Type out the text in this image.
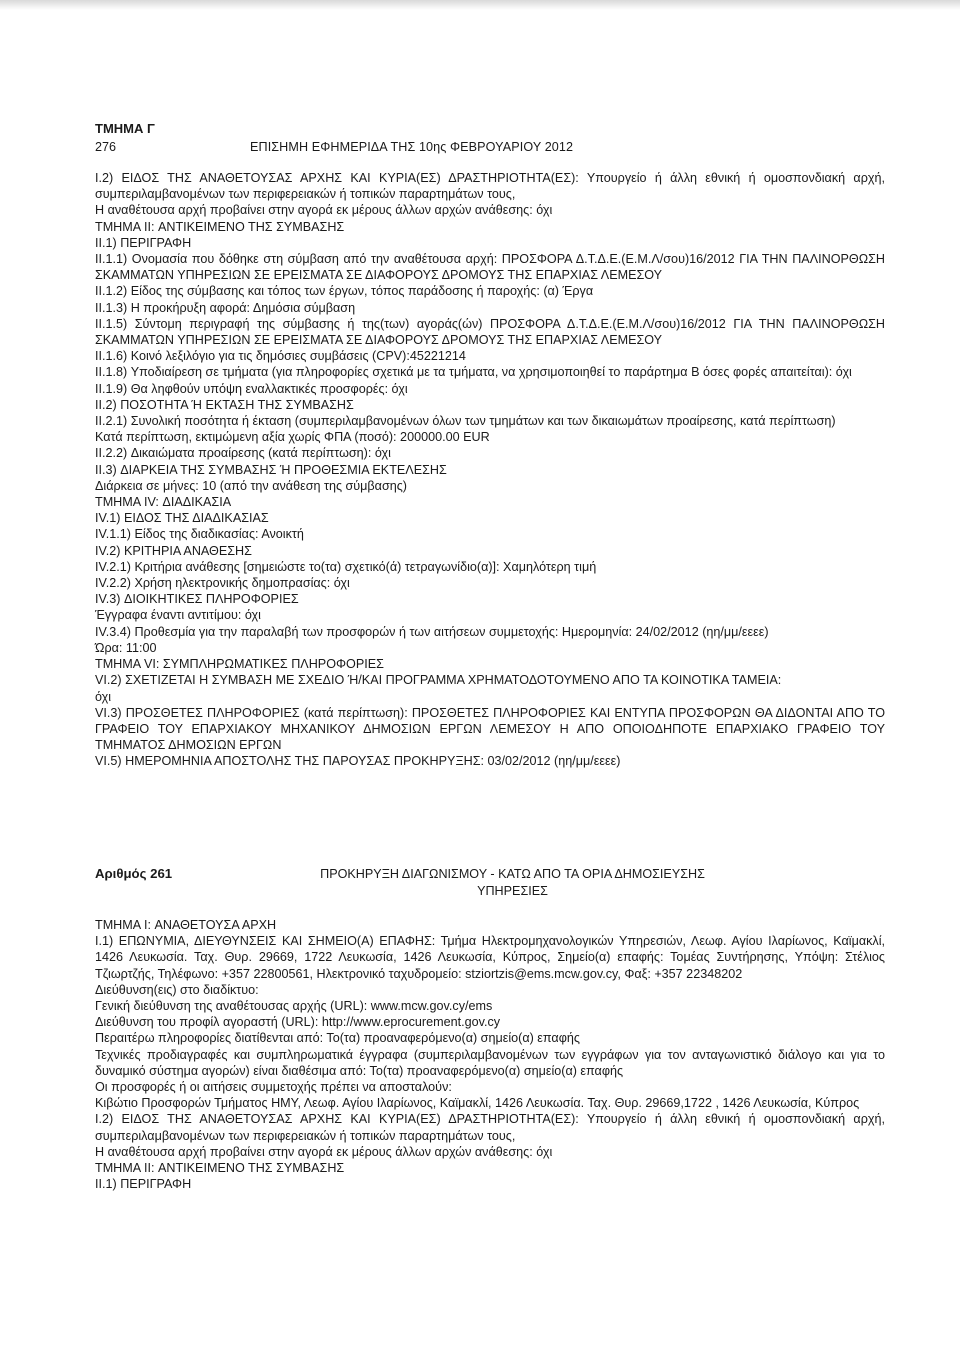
ΤΜΗΜΑ Γ
276	ΕΠΙΣΗΜΗ ΕΦΗΜΕΡΙΔΑ ΤΗΣ 10ης ΦΕΒΡΟΥΑΡΙΟΥ 2012

I.2) ΕΙΔΟΣ ΤΗΣ ΑΝΑΘΕΤΟΥΣΑΣ ΑΡΧΗΣ ΚΑΙ ΚΥΡΙΑ(ΕΣ) ΔΡΑΣΤΗΡΙΟΤΗΤΑ(ΕΣ): Υπουργείο ή άλλη εθνική ή ομοσπονδιακή αρχή, συμπεριλαμβανομένων των περιφερειακών ή τοπικών παραρτημάτων τους,

Η αναθέτουσα αρχή προβαίνει στην αγορά εκ μέρους άλλων αρχών ανάθεσης: όχι

ΤΜΗΜΑ II: ΑΝΤΙΚΕΙΜΕΝΟ ΤΗΣ ΣΥΜΒΑΣΗΣ

II.1) ΠΕΡΙΓΡΑΦΗ

II.1.1) Ονομασία που δόθηκε στη σύμβαση από την αναθέτουσα αρχή: ΠΡΟΣΦΟΡΑ Δ.Τ.Δ.Ε.(Ε.Μ.Λ/σου)16/2012 ΓΙΑ ΤΗΝ ΠΑΛΙΝΟΡΘΩΣΗ ΣΚΑΜΜΑΤΩΝ ΥΠΗΡΕΣΙΩΝ ΣΕ ΕΡΕΙΣΜΑΤΑ ΣΕ ΔΙΑΦΟΡΟΥΣ ΔΡΟΜΟΥΣ ΤΗΣ ΕΠΑΡΧΙΑΣ ΛΕΜΕΣΟΥ

II.1.2) Είδος της σύμβασης και τόπος των έργων, τόπος παράδοσης ή παροχής: (α) Έργα

II.1.3) Η προκήρυξη αφορά: Δημόσια σύμβαση

II.1.5) Σύντομη περιγραφή της σύμβασης ή της(των) αγοράς(ών) ΠΡΟΣΦΟΡΑ Δ.Τ.Δ.Ε.(Ε.Μ.Λ/σου)16/2012 ΓΙΑ ΤΗΝ ΠΑΛΙΝΟΡΘΩΣΗ ΣΚΑΜΜΑΤΩΝ ΥΠΗΡΕΣΙΩΝ ΣΕ ΕΡΕΙΣΜΑΤΑ ΣΕ ΔΙΑΦΟΡΟΥΣ ΔΡΟΜΟΥΣ ΤΗΣ ΕΠΑΡΧΙΑΣ ΛΕΜΕΣΟΥ

II.1.6) Κοινό λεξιλόγιο για τις δημόσιες συμβάσεις (CPV):45221214

II.1.8) Υποδιαίρεση σε τμήματα (για πληροφορίες σχετικά με τα τμήματα, να χρησιμοποιηθεί το παράρτημα Β όσες φορές απαιτείται): όχι

II.1.9) Θα ληφθούν υπόψη εναλλακτικές προσφορές: όχι

II.2) ΠΟΣΟΤΗΤΑ Ή ΕΚΤΑΣΗ ΤΗΣ ΣΥΜΒΑΣΗΣ

II.2.1) Συνολική ποσότητα ή έκταση (συμπεριλαμβανομένων όλων των τμημάτων και των δικαιωμάτων προαίρεσης, κατά περίπτωση)

Κατά περίπτωση, εκτιμώμενη αξία χωρίς ΦΠΑ (ποσό): 200000.00 EUR

II.2.2) Δικαιώματα προαίρεσης (κατά περίπτωση): όχι

II.3) ΔΙΑΡΚΕΙΑ ΤΗΣ ΣΥΜΒΑΣΗΣ Ή ΠΡΟΘΕΣΜΙΑ ΕΚΤΕΛΕΣΗΣ

Διάρκεια σε μήνες: 10 (από την ανάθεση της σύμβασης)

ΤΜΗΜΑ IV: ΔΙΑΔΙΚΑΣΙΑ

IV.1) ΕΙΔΟΣ ΤΗΣ ΔΙΑΔΙΚΑΣΙΑΣ

IV.1.1) Είδος της διαδικασίας: Ανοικτή

IV.2) ΚΡΙΤΗΡΙΑ ΑΝΑΘΕΣΗΣ

IV.2.1) Κριτήρια ανάθεσης [σημειώστε το(τα) σχετικό(ά) τετραγωνίδιο(α)]: Χαμηλότερη τιμή

IV.2.2) Χρήση ηλεκτρονικής δημοπρασίας: όχι

IV.3) ΔΙΟΙΚΗΤΙΚΕΣ ΠΛΗΡΟΦΟΡΙΕΣ

Έγγραφα έναντι αντιτίμου: όχι

IV.3.4) Προθεσμία για την παραλαβή των προσφορών ή των αιτήσεων συμμετοχής: Ημερομηνία: 24/02/2012 (ηη/μμ/εεεε)

Ώρα: 11:00

ΤΜΗΜΑ VI: ΣΥΜΠΛΗΡΩΜΑΤΙΚΕΣ ΠΛΗΡΟΦΟΡΙΕΣ

VI.2) ΣΧΕΤΙΖΕΤΑΙ Η ΣΥΜΒΑΣΗ ΜΕ ΣΧΕΔΙΟ Ή/ΚΑΙ ΠΡΟΓΡΑΜΜΑ ΧΡΗΜΑΤΟΔΟΤΟΥΜΕΝΟ ΑΠΟ ΤΑ ΚΟΙΝΟΤΙΚΑ ΤΑΜΕΙΑ:

όχι

VI.3) ΠΡΟΣΘΕΤΕΣ ΠΛΗΡΟΦΟΡΙΕΣ (κατά περίπτωση): ΠΡΟΣΘΕΤΕΣ ΠΛΗΡΟΦΟΡΙΕΣ ΚΑΙ ΕΝΤΥΠΑ ΠΡΟΣΦΟΡΩΝ ΘΑ ΔΙΔΟΝΤΑΙ ΑΠΟ ΤΟ ΓΡΑΦΕΙΟ ΤΟΥ ΕΠΑΡΧΙΑΚΟΥ ΜΗΧΑΝΙΚΟΥ ΔΗΜΟΣΙΩΝ ΕΡΓΩΝ ΛΕΜΕΣΟΥ Η ΑΠΟ ΟΠΟΙΟΔΗΠΟΤΕ ΕΠΑΡΧΙΑΚΟ ΓΡΑΦΕΙΟ ΤΟΥ ΤΜΗΜΑΤΟΣ ΔΗΜΟΣΙΩΝ ΕΡΓΩΝ

VI.5) ΗΜΕΡΟΜΗΝΙΑ ΑΠΟΣΤΟΛΗΣ ΤΗΣ ΠΑΡΟΥΣΑΣ ΠΡΟΚΗΡΥΞΗΣ: 03/02/2012 (ηη/μμ/εεεε)

Αριθμός 261	ΠΡΟΚΗΡΥΞΗ ΔΙΑΓΩΝΙΣΜΟΥ - ΚΑΤΩ ΑΠΟ ΤΑ ΟΡΙΑ ΔΗΜΟΣΙΕΥΣΗΣ
ΥΠΗΡΕΣΙΕΣ

ΤΜΗΜΑ I: ΑΝΑΘΕΤΟΥΣΑ ΑΡΧΗ

I.1) ΕΠΩΝΥΜΙΑ, ΔΙΕΥΘΥΝΣΕΙΣ ΚΑΙ ΣΗΜΕΙΟ(Α) ΕΠΑΦΗΣ: Τμήμα Ηλεκτρομηχανολογικών Υπηρεσιών, Λεωφ. Αγίου Ιλαρίωνος, Καϊμακλί, 1426 Λευκωσία. Ταχ. Θυρ. 29669, 1722 Λευκωσία, 1426 Λευκωσία, Κύπρος, Σημείο(α) επαφής: Τομέας Συντήρησης, Υπόψη: Στέλιος Τζιωρτζής, Τηλέφωνο: +357 22800561, Ηλεκτρονικό ταχυδρομείο: stziortzis@ems.mcw.gov.cy, Φαξ: +357 22348202

Διεύθυνση(εις) στο διαδίκτυο:

Γενική διεύθυνση της αναθέτουσας αρχής (URL): www.mcw.gov.cy/ems

Διεύθυνση του προφίλ αγοραστή (URL): http://www.eprocurement.gov.cy

Περαιτέρω πληροφορίες διατίθενται από: Το(τα) προαναφερόμενο(α) σημείο(α) επαφής

Τεχνικές προδιαγραφές και συμπληρωματικά έγγραφα (συμπεριλαμβανομένων των εγγράφων για τον ανταγωνιστικό διάλογο και για το δυναμικό σύστημα αγορών) είναι διαθέσιμα από: Το(τα) προαναφερόμενο(α) σημείο(α) επαφής

Οι προσφορές ή οι αιτήσεις συμμετοχής πρέπει να αποσταλούν:

Κιβώτιο Προσφορών Τμήματος ΗΜΥ, Λεωφ. Αγίου Ιλαρίωνος, Καϊμακλί, 1426 Λευκωσία. Ταχ. Θυρ. 29669,1722 , 1426 Λευκωσία, Κύπρος

I.2) ΕΙΔΟΣ ΤΗΣ ΑΝΑΘΕΤΟΥΣΑΣ ΑΡΧΗΣ ΚΑΙ ΚΥΡΙΑ(ΕΣ) ΔΡΑΣΤΗΡΙΟΤΗΤΑ(ΕΣ): Υπουργείο ή άλλη εθνική ή ομοσπονδιακή αρχή, συμπεριλαμβανομένων των περιφερειακών ή τοπικών παραρτημάτων τους,

Η αναθέτουσα αρχή προβαίνει στην αγορά εκ μέρους άλλων αρχών ανάθεσης: όχι

ΤΜΗΜΑ II: ΑΝΤΙΚΕΙΜΕΝΟ ΤΗΣ ΣΥΜΒΑΣΗΣ

II.1) ΠΕΡΙΓΡΑΦΗ
